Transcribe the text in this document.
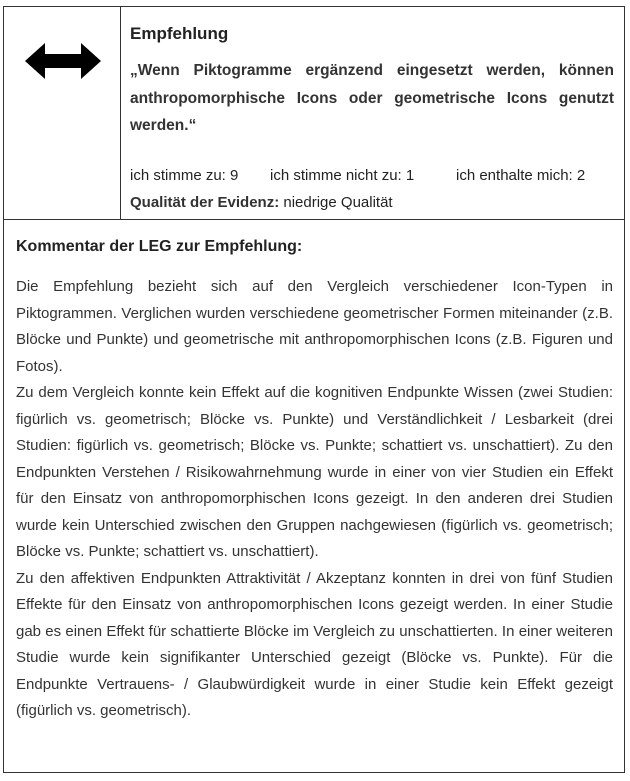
Empfehlung
„Wenn Piktogramme ergänzend eingesetzt werden, können anthropomorphische Icons oder geometrische Icons genutzt werden.“
ich stimme zu: 9 ich stimme nicht zu: 1	ich enthalte mich: 2
Qualität der Evidenz: niedrige Qualität
Kommentar der LEG zur Empfehlung:

Die Empfehlung bezieht sich auf den Vergleich verschiedener Icon-Typen in Piktogrammen. Verglichen wurden verschiedene geometrischer Formen miteinander (z.B. Blöcke und Punkte) und geometrische mit anthropomorphischen Icons (z.B. Figuren und Fotos).

Zu dem Vergleich konnte kein Effekt auf die kognitiven Endpunkte Wissen (zwei Studien: figürlich vs. geometrisch; Blöcke vs. Punkte) und Verständlichkeit / Lesbarkeit (drei Studien: figürlich vs. geometrisch; Blöcke vs. Punkte; schattiert vs. unschattiert). Zu den Endpunkten Verstehen / Risikowahrnehmung wurde in einer von vier Studien ein Effekt für den Einsatz von anthropomorphischen Icons gezeigt. In den anderen drei Studien wurde kein Unterschied zwischen den Gruppen nachgewiesen (figürlich vs. geometrisch; Blöcke vs. Punkte; schattiert vs. unschattiert).

Zu den affektiven Endpunkten Attraktivität / Akzeptanz konnten in drei von fünf Studien Effekte für den Einsatz von anthropomorphischen Icons gezeigt werden. In einer Studie gab es einen Effekt für schattierte Blöcke im Vergleich zu unschattierten. In einer weiteren Studie wurde kein signifikanter Unterschied gezeigt (Blöcke vs. Punkte). Für die Endpunkte Vertrauens- / Glaubwürdigkeit wurde in einer Studie kein Effekt gezeigt (figürlich vs. geometrisch).
